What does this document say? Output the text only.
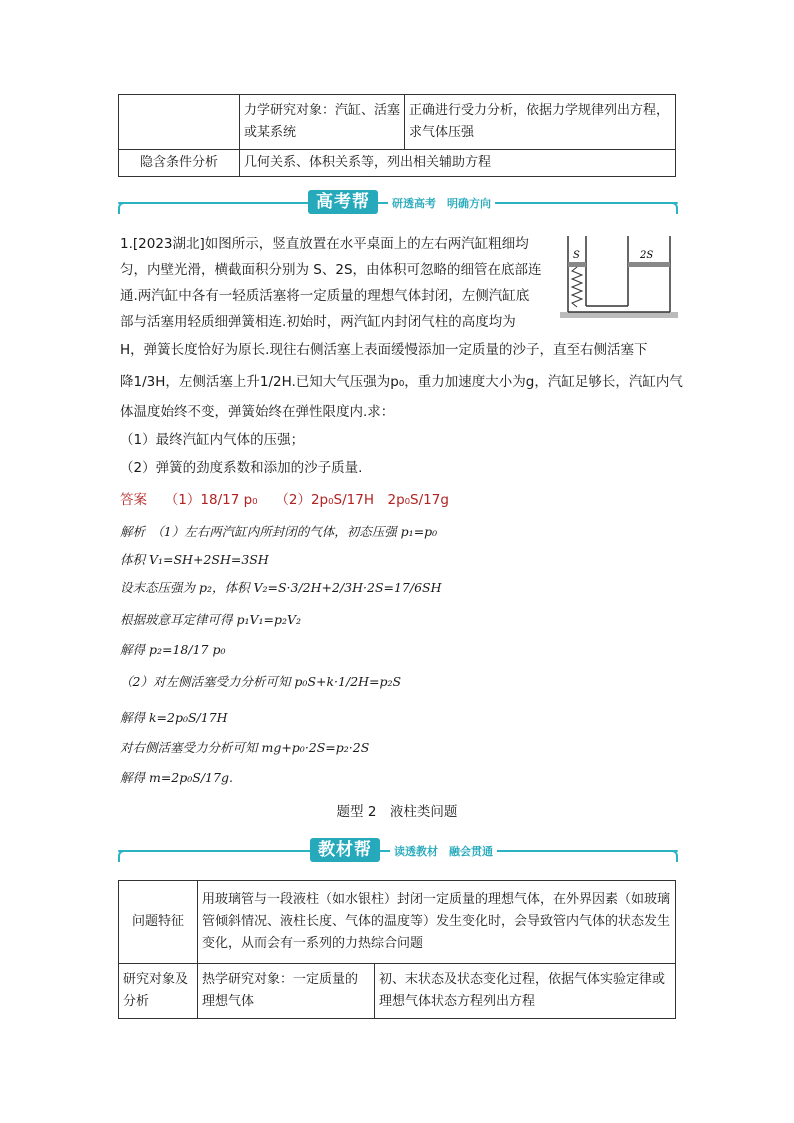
	力学研究对象：汽缸、活塞或某系统	正确进行受力分析，依据力学规律列出方程，求气体压强
隐含条件分析	几何关系、体积关系等，列出相关辅助方程	
高考帮	研透高考　明确方向
1.[2023湖北]如图所示，竖直放置在水平桌面上的左右两汽缸粗细均
匀，内壁光滑，横截面积分别为 S、2S，由体积可忽略的细管在底部连
通.两汽缸中各有一轻质活塞将一定质量的理想气体封闭，左侧汽缸底
部与活塞用轻质细弹簧相连.初始时，两汽缸内封闭气柱的高度均为
H，弹簧长度恰好为原长.现往右侧活塞上表面缓慢添加一定质量的沙子，直至右侧活塞下
降1/3H，左侧活塞上升1/2H.已知大气压强为p₀，重力加速度大小为g，汽缸足够长，汽缸内气
体温度始终不变，弹簧始终在弹性限度内.求：
（1）最终汽缸内气体的压强；
（2）弹簧的劲度系数和添加的沙子质量.
S	2S
答案　 （1）18/17 p₀　 （2）2p₀S/17H　2p₀S/17g
解析　（1）左右两汽缸内所封闭的气体，初态压强 p₁=p₀
体积 V₁=SH+2SH=3SH
设末态压强为 p₂，体积 V₂=S·3/2H+2/3H·2S=17/6SH
根据玻意耳定律可得 p₁V₁=p₂V₂
解得 p₂=18/17 p₀
（2）对左侧活塞受力分析可知 p₀S+k·1/2H=p₂S
解得 k=2p₀S/17H
对右侧活塞受力分析可知 mg+p₀·2S=p₂·2S
解得 m=2p₀S/17g.
题型 2　液柱类问题
教材帮	读透教材　融会贯通
问题特征	用玻璃管与一段液柱（如水银柱）封闭一定质量的理想气体，在外界因素（如玻璃管倾斜情况、液柱长度、气体的温度等）发生变化时，会导致管内气体的状态发生变化，从而会有一系列的力热综合问题	
研究对象及分析	热学研究对象：一定质量的理想气体	初、末状态及状态变化过程，依据气体实验定律或理想气体状态方程列出方程
